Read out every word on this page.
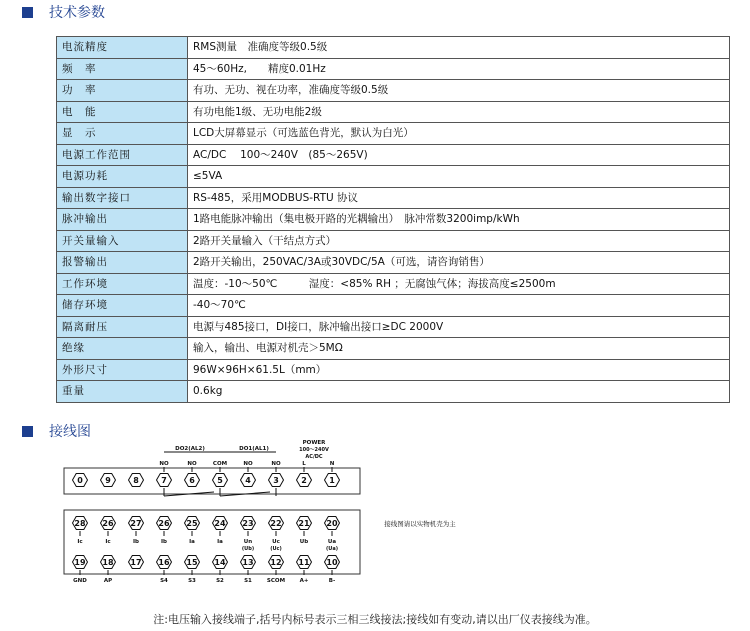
技术参数
电流精度	RMS测量　准确度等级0.5级
频　率	45～60Hz,　　精度0.01Hz
功　率	有功、无功、视在功率，准确度等级0.5级
电　能	有功电能1级、无功电能2级
显　示	LCD大屏幕显示（可选蓝色背光，默认为白光）
电源工作范围	AC/DC　 100～240V　(85～265V)
电源功耗	≤5VA
输出数字接口	RS-485，采用MODBUS-RTU 协议
脉冲输出	1路电能脉冲输出（集电极开路的光耦输出）　脉冲常数3200imp/kWh
开关量输入	2路开关量输入（干结点方式）
报警输出	2路开关输出，250VAC/3A或30VDC/5A（可选，请咨询销售）
工作环境	温度：-10～50℃　　　湿度：<85% RH ；无腐蚀气体；海拔高度≤2500m
储存环境	-40～70℃
隔离耐压	电源与485接口，DI接口，脉冲输出接口≥DC 2000V
绝缘	输入，输出、电源对机壳＞5MΩ
外形尺寸	96W×96H×61.5L（mm）
重量	0.6kg
接线图
0	9	8	7
NO
6
NO
5
COM
4
NO
3
NO
2
L
1
N
28
Ic
26
Ic
27
Ib
26
Ib
25
Ia
24
Ia
23
Un
(Ub)
22
Uc
(Uc)
21
Ub
20
Ua
(Ua)
19
GND
18
AP
17 16
S4
15
S3
14
S2
13
S1
12
SCOM
11
A+
10
B-
DO2(AL2)	DO1(AL1)
POWER
100～240V
AC/DC
接线图请以实物机壳为主
注:电压输入接线端子,括号内标号表示三相三线接法;接线如有变动,请以出厂仪表接线为准。
